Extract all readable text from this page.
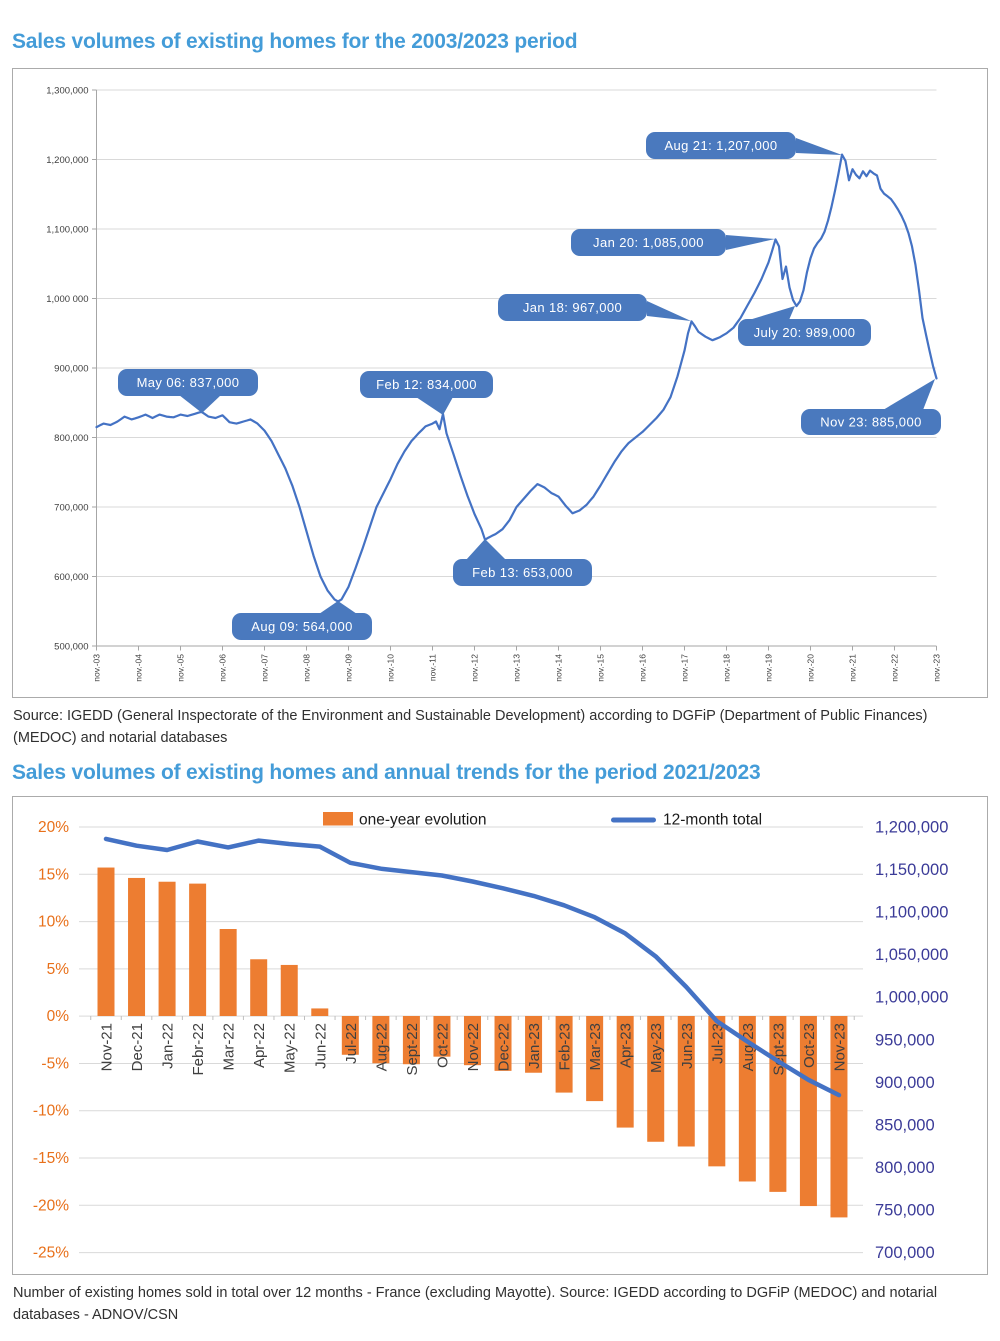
Sales volumes of existing homes for the 2003/2023 period
1,300,000
1,200,000
1,100,000
1,000 000
900,000
800,000
700,000
600,000
500,000
nov.-03	nov.-04	nov.-05	nov.-06	nov.-07	nov.-08	nov.-09	nov.-10	nov.-11	nov.-12	nov.-13	nov.-14	nov.-15	nov.-16	nov.-17	nov.-18	nov.-19	nov.-20	nov.-21	nov.-22	nov.-23
May 06: 837,000	Feb 12: 834,000
Aug 09: 564,000
Feb 13: 653,000
Jan 18: 967,000
Jan 20: 1,085,000
Aug 21: 1,207,000
July 20: 989,000
Nov 23: 885,000

Source: IGEDD (General Inspectorate of the Environment and Sustainable Development) according to DGFiP (Department of Public Finances) (MEDOC) and notarial databases

Sales volumes of existing homes and annual trends for the period 2021/2023
20%
15%
10%
5%
0%
-5%
-10%
-15%
-20%
-25%
1,200,000
1,150,000
1,100,000
1,050,000
1,000,000
950,000
900,000
850,000
800,000
750,000
700,000
Nov-21 Dec-21 Jan-22 Febr-22 Mar-22 Apr-22 May-22 Jun-22 Jul-22 Aug-22 Sept-22 Oct-22 Nov-22 Dec-22 Jan-23 Feb-23 Mar-23 Apr-23 May-23 Jun-23 Jul-23 Aug-23 Sept-23 Oct-23 Nov-23
one-year evolution	12-month total

Number of existing homes sold in total over 12 months - France (excluding Mayotte). Source: IGEDD according to DGFiP (MEDOC) and notarial databases - ADNOV/CSN
